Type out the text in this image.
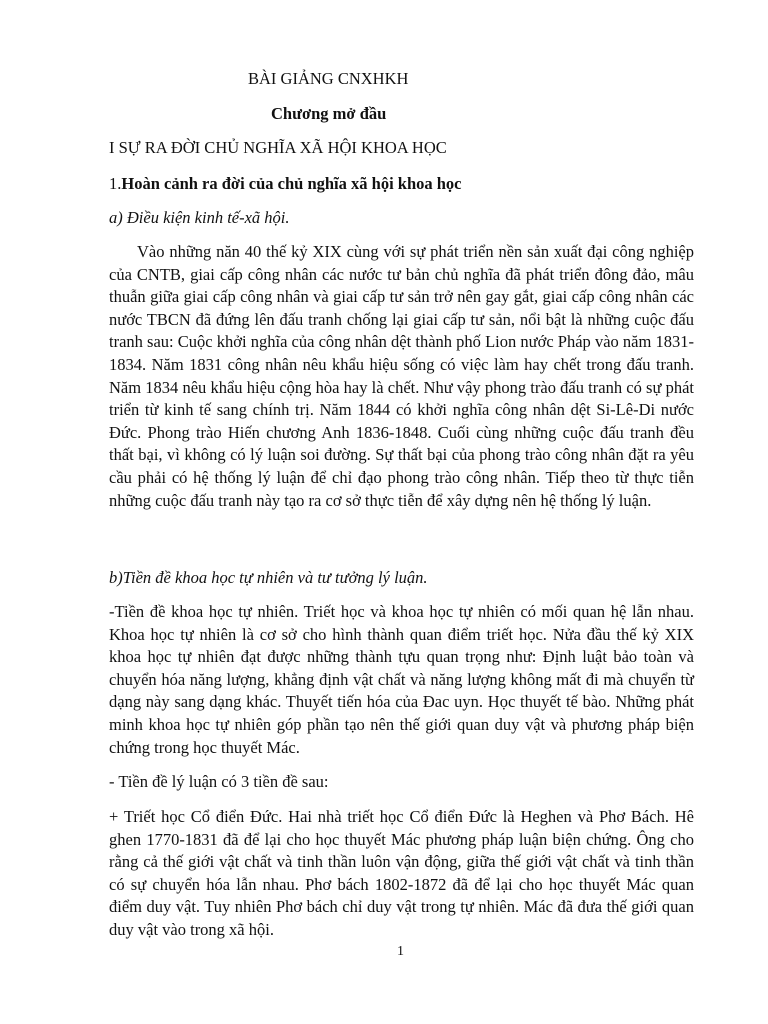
BÀI GIẢNG CNXHKH
Chương mở đầu
I SỰ RA ĐỜI CHỦ NGHĨA XÃ HỘI KHOA HỌC
1.Hoàn cảnh ra đời của chủ nghĩa xã hội khoa học
a) Điều kiện kinh tế-xã hội.
Vào những năn 40 thế kỷ XIX cùng với sự phát triển nền sản xuất đại công nghiệp của CNTB, giai cấp công nhân các nước tư bản chủ nghĩa đã phát triển đông đảo, mâu thuẫn giữa giai cấp công nhân và giai cấp tư sản trở nên gay gắt, giai cấp công nhân các nước TBCN đã đứng lên đấu tranh chống lại giai cấp tư sản, nổi bật là những cuộc đấu tranh sau: Cuộc khởi nghĩa của công nhân dệt thành phố Lion nước Pháp vào năm 1831-1834. Năm 1831 công nhân nêu khẩu hiệu sống có việc làm hay chết trong đấu tranh. Năm 1834 nêu khẩu hiệu cộng hòa hay là chết. Như vậy phong trào đấu tranh có sự phát triển từ kinh tế sang chính trị. Năm 1844 có khởi nghĩa công nhân dệt Si-Lê-Di nước Đức. Phong trào Hiến chương Anh 1836-1848. Cuối cùng những cuộc đấu tranh đều thất bại, vì không có lý luận soi đường. Sự thất bại của phong trào công nhân đặt ra yêu cầu phải có hệ thống lý luận để chỉ đạo phong trào công nhân. Tiếp theo từ thực tiễn những cuộc đấu tranh này tạo ra cơ sở thực tiễn để xây dựng nên hệ thống lý luận.
b)Tiền đề khoa học tự nhiên và tư tưởng lý luận.
-Tiền đề khoa học tự nhiên. Triết học và khoa học tự nhiên có mối quan hệ lẫn nhau. Khoa học tự nhiên là cơ sở cho hình thành quan điểm triết học. Nửa đầu thế kỷ XIX khoa học tự nhiên đạt được những thành tựu quan trọng như: Định luật bảo toàn và chuyển hóa năng lượng, khẳng định vật chất và năng lượng không mất đi mà chuyển từ dạng này sang dạng khác. Thuyết tiến hóa của Đac uyn. Học thuyết tế bào. Những phát minh khoa học tự nhiên góp phần tạo nên thế giới quan duy vật và phương pháp biện chứng trong học thuyết Mác.
- Tiền đề lý luận có 3 tiền đề sau:
+ Triết học Cổ điển Đức. Hai nhà triết học Cổ điển Đức là Heghen và Phơ Bách. Hê ghen 1770-1831 đã để lại cho học thuyết Mác phương pháp luận biện chứng. Ông cho rằng cả thế giới vật chất và tinh thần luôn vận động, giữa thế giới vật chất và tinh thần có sự chuyển hóa lẫn nhau. Phơ bách 1802-1872 đã để lại cho học thuyết Mác quan điểm duy vật. Tuy nhiên Phơ bách chỉ duy vật trong tự nhiên. Mác đã đưa thế giới quan duy vật vào trong xã hội.
1
